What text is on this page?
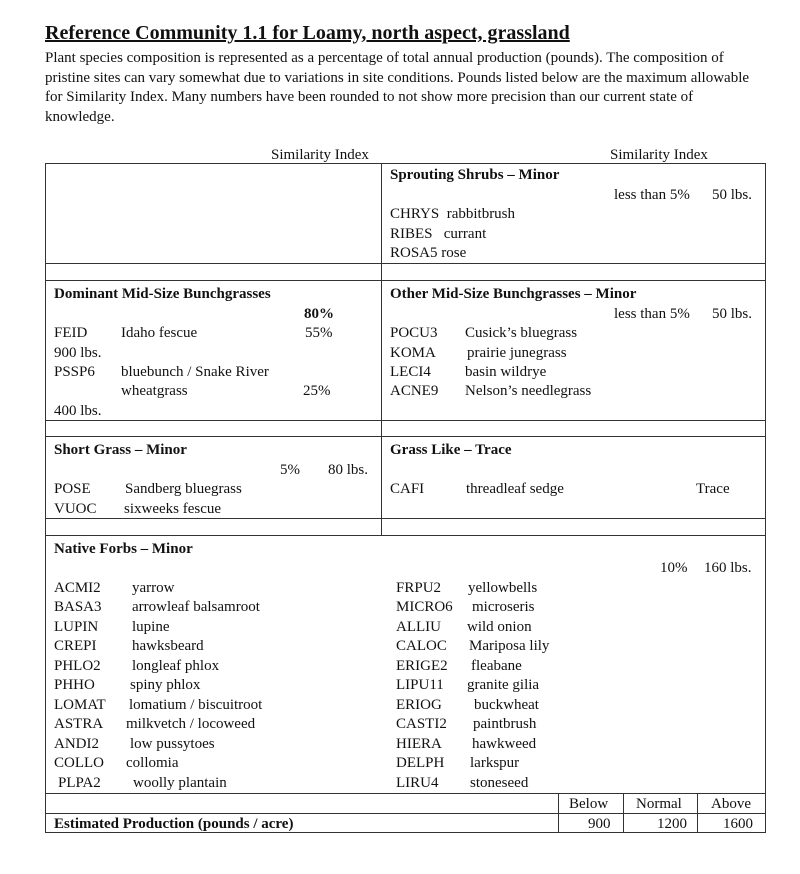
Reference Community 1.1 for Loamy, north aspect, grassland
Plant species composition is represented as a percentage of total annual production (pounds). The composition of pristine sites can vary somewhat due to variations in site conditions. Pounds listed below are the maximum allowable for Similarity Index. Many numbers have been rounded to not show more precision than our current state of knowledge.
Similarity Index	Similarity Index
Sprouting Shrubs – Minor
less than 5% 50 lbs.
CHRYS rabbitbrush
RIBES currant
ROSA5 rose
Dominant Mid-Size Bunchgrasses
80%
FEID Idaho fescue	55%
900 lbs.
PSSP6 bluebunch / Snake River
wheatgrass	25%
400 lbs.
Other Mid-Size Bunchgrasses – Minor
less than 5% 50 lbs.
POCU3 Cusick’s bluegrass
KOMA prairie junegrass
LECI4 basin wildrye
ACNE9 Nelson’s needlegrass
Short Grass – Minor
5% 80 lbs.
POSE Sandberg bluegrass
VUOC sixweeks fescue
Grass Like – Trace
CAFI	threadleaf sedge	Trace
Native Forbs – Minor
10% 160 lbs.
ACMI2 yarrow
BASA3 arrowleaf balsamroot
LUPIN lupine
CREPI hawksbeard
PHLO2 longleaf phlox
PHHO spiny phlox
LOMAT lomatium / biscuitroot
ASTRA milkvetch / locoweed
ANDI2 low pussytoes
COLLO collomia
PLPA2 woolly plantain
FRPU2 yellowbells
MICRO6 microseris
ALLIU wild onion
CALOC Mariposa lily
ERIGE2 fleabane
LIPU11 granite gilia
ERIOG buckwheat
CASTI2 paintbrush
HIERA hawkweed
DELPH larkspur
LIRU4 stoneseed
Below Normal Above
Estimated Production (pounds / acre)	900	1200 1600
